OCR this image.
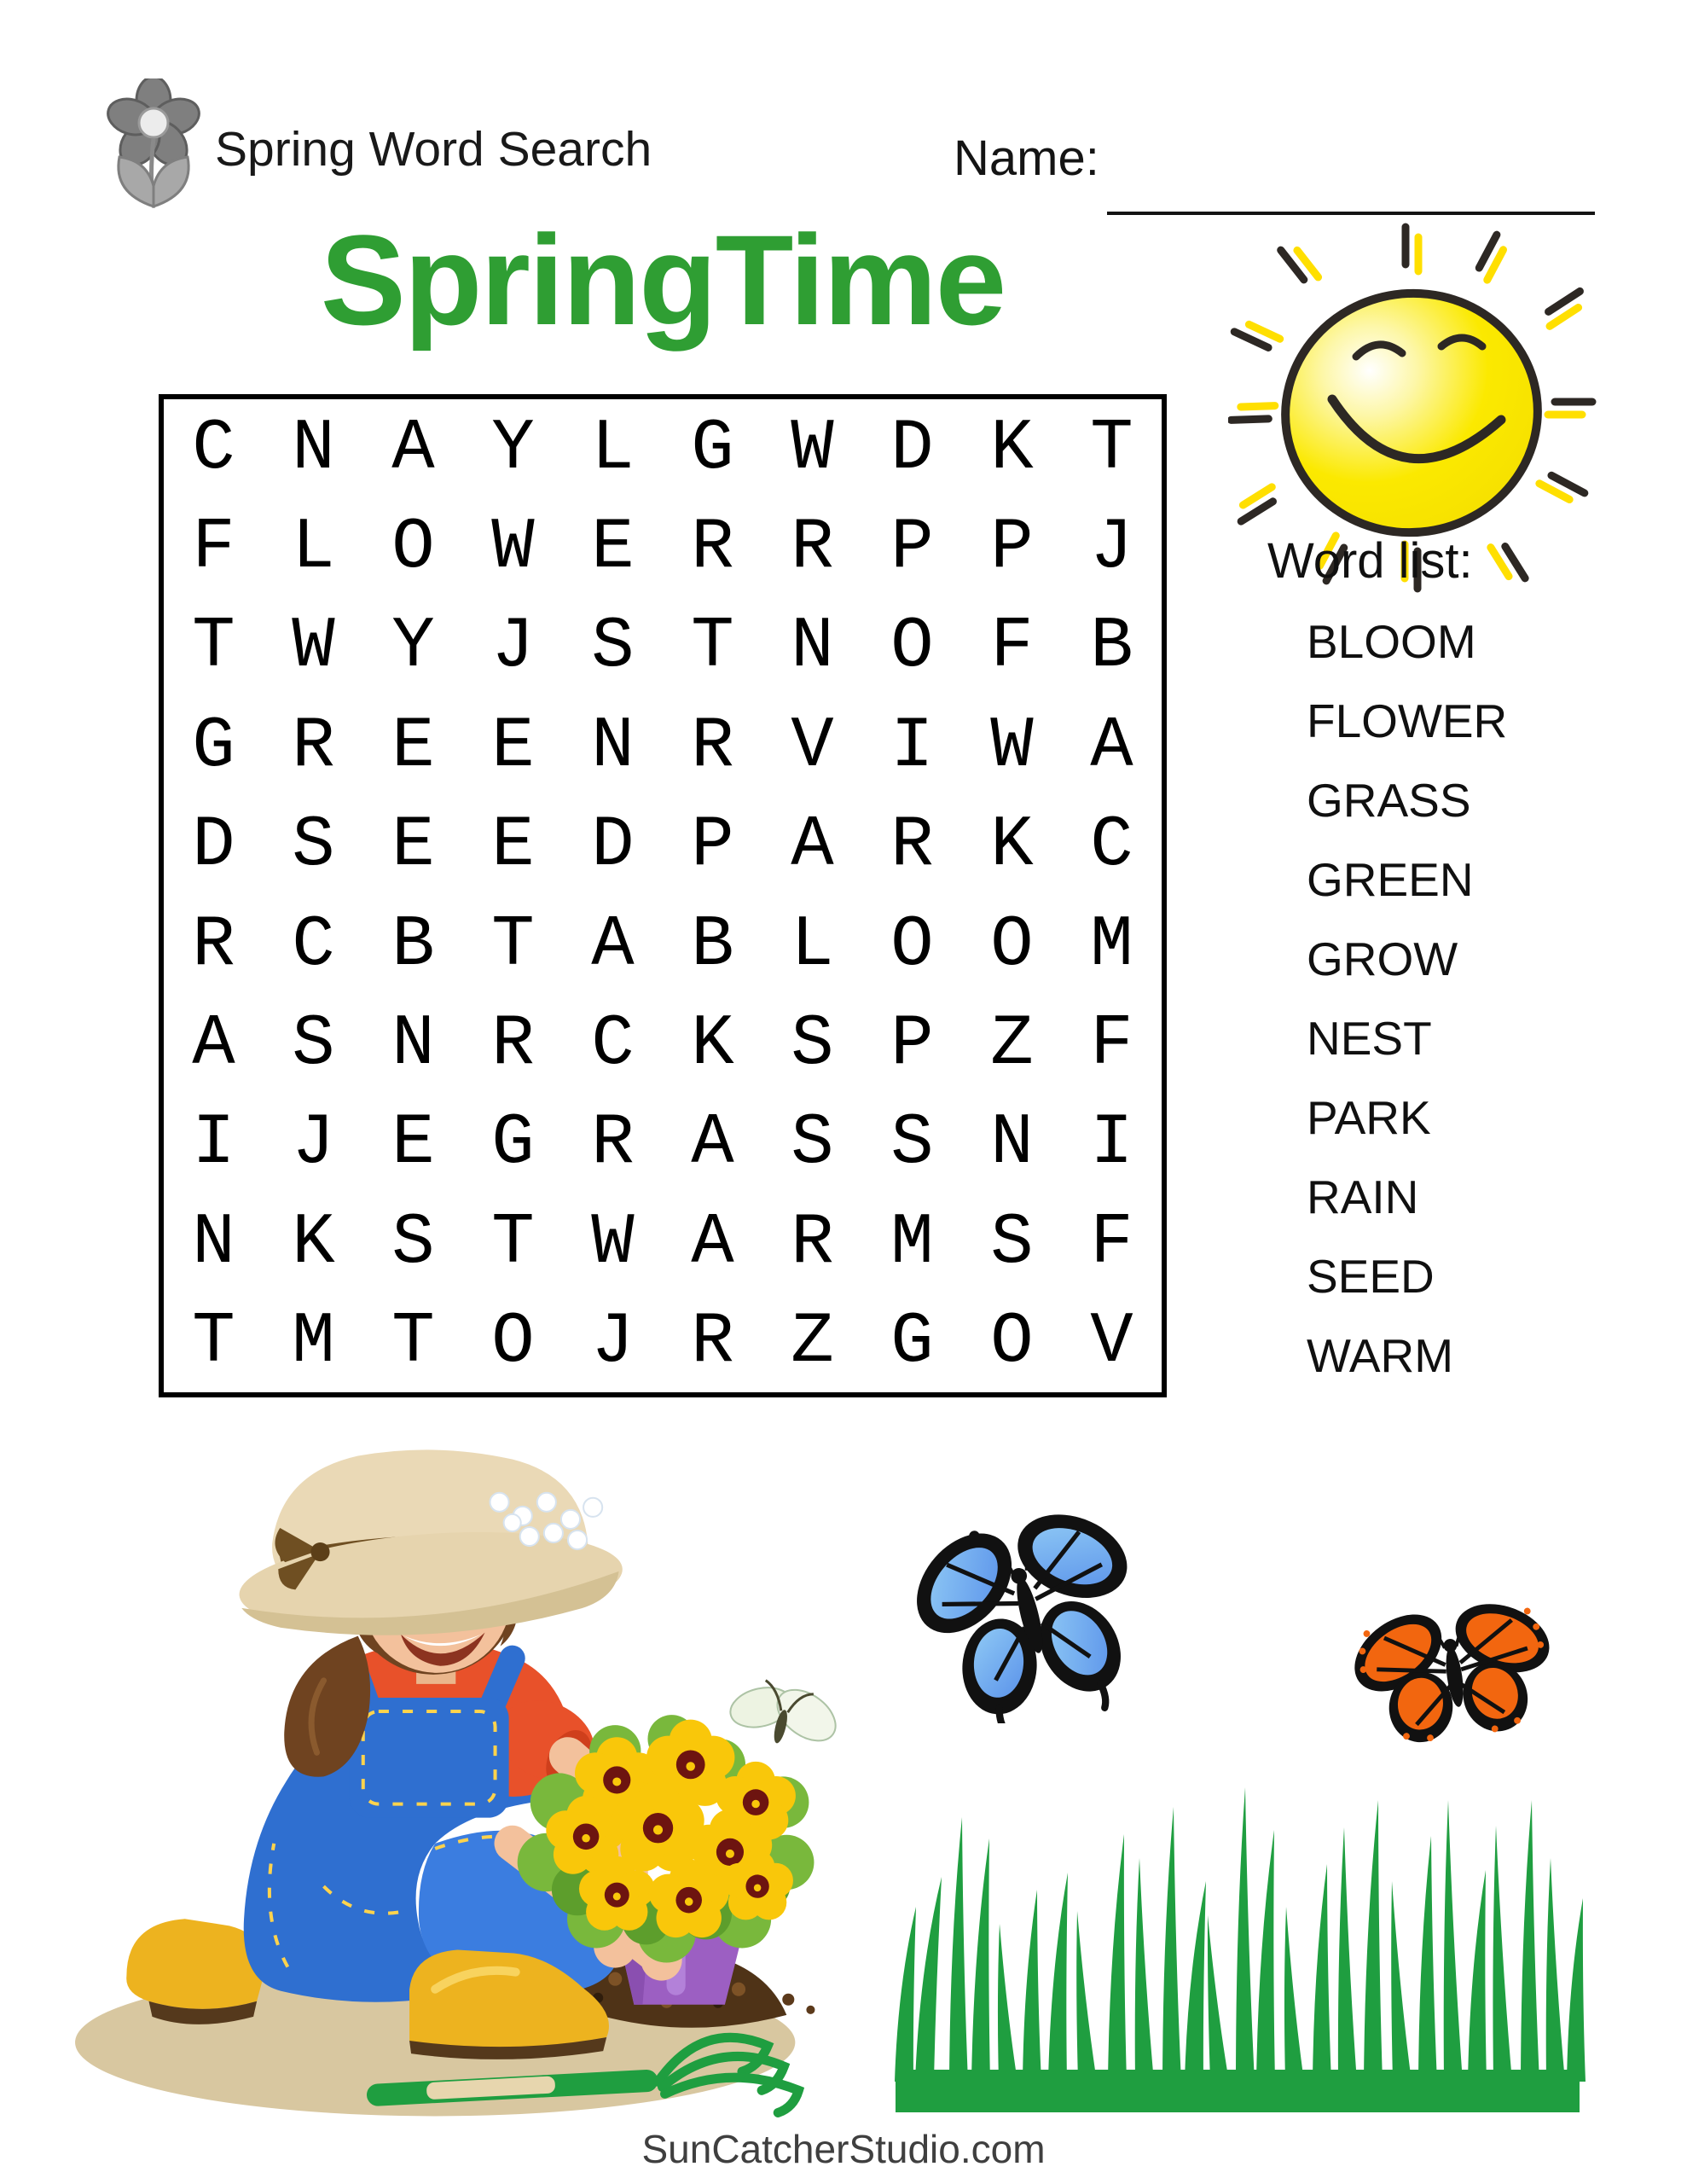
Spring Word Search	Name:
SpringTime
C N A Y L G W D K T
F L O W E R R P P J
T W Y J S T N O F B
G R E E N R V I W A
D S E E D P A R K C
R C B T A B L O O M
A S N R C K S P Z F
I J E G R A S S N I
N K S T W A R M S F
T M T O J R Z G O V
Word list:
BLOOM
FLOWER
GRASS
GREEN
GROW
NEST
PARK
RAIN
SEED
WARM
SunCatcherStudio.com
